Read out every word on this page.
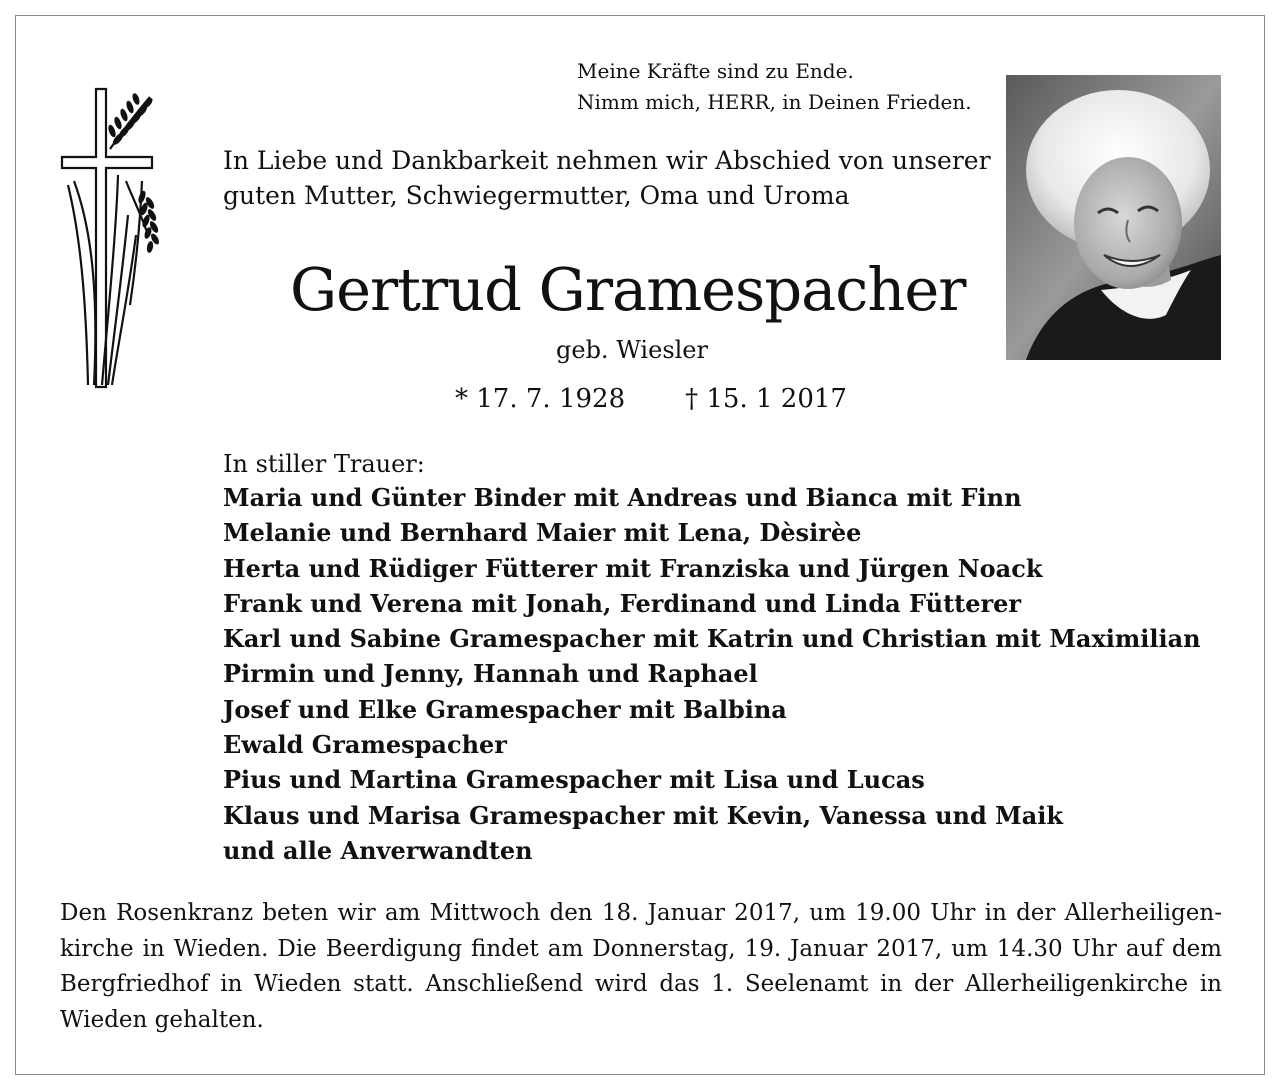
Meine Kräfte sind zu Ende.
Nimm mich, HERR, in Deinen Frieden.
In Liebe und Dankbarkeit nehmen wir Abschied von unserer
guten Mutter, Schwiegermutter, Oma und Uroma
Gertrud Gramespacher
geb. Wiesler
* 17. 7. 1928 † 15. 1 2017
In stiller Trauer:
Maria und Günter Binder mit Andreas und Bianca mit Finn
Melanie und Bernhard Maier mit Lena, Dèsirèe
Herta und Rüdiger Fütterer mit Franziska und Jürgen Noack
Frank und Verena mit Jonah, Ferdinand und Linda Fütterer
Karl und Sabine Gramespacher mit Katrin und Christian mit Maximilian
Pirmin und Jenny, Hannah und Raphael
Josef und Elke Gramespacher mit Balbina
Ewald Gramespacher
Pius und Martina Gramespacher mit Lisa und Lucas
Klaus und Marisa Gramespacher mit Kevin, Vanessa und Maik
und alle Anverwandten
Den Rosenkranz beten wir am Mittwoch den 18. Januar 2017, um 19.00 Uhr in der Allerheiligenkirche in Wieden. Die Beerdigung findet am Donnerstag, 19. Januar 2017, um 14.30 Uhr auf dem Bergfriedhof in Wieden statt. Anschließend wird das 1. Seelenamt in der Allerheiligenkirche in Wieden gehalten.
